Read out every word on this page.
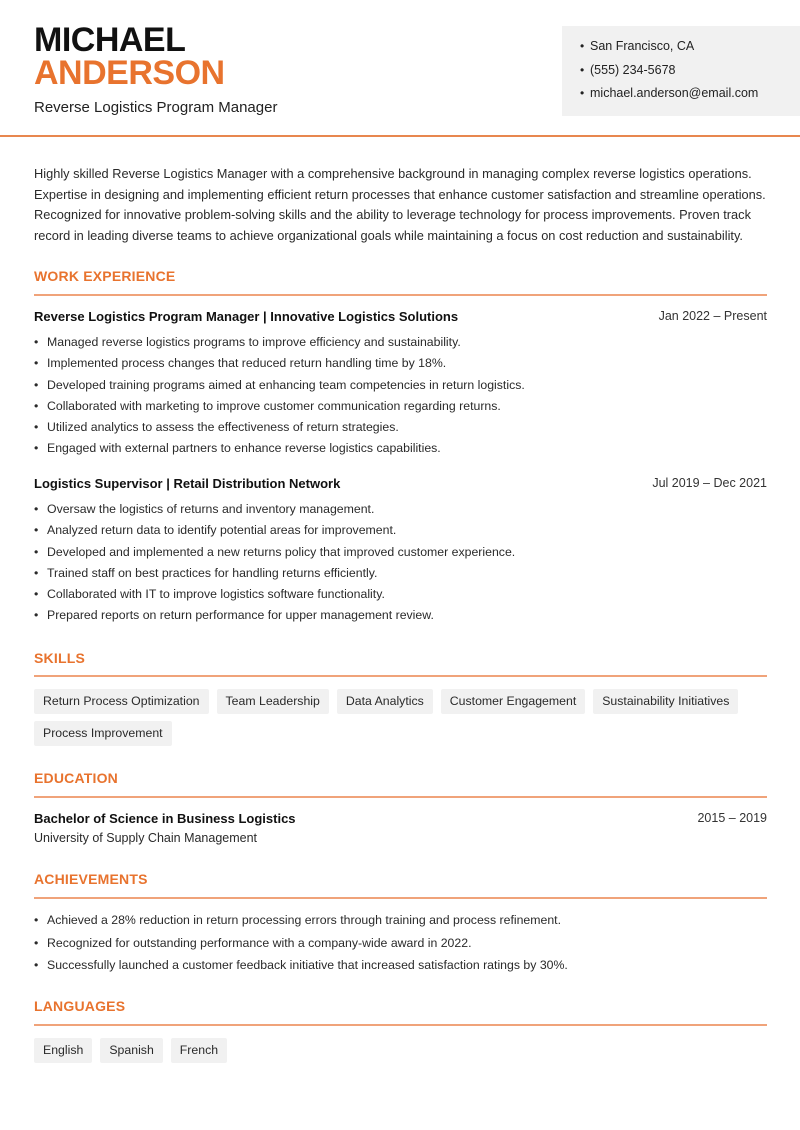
MICHAEL
ANDERSON
Reverse Logistics Program Manager
• San Francisco, CA
• (555) 234-5678
• michael.anderson@email.com

Highly skilled Reverse Logistics Manager with a comprehensive background in managing complex reverse logistics operations. Expertise in designing and implementing efficient return processes that enhance customer satisfaction and streamline operations. Recognized for innovative problem-solving skills and the ability to leverage technology for process improvements. Proven track record in leading diverse teams to achieve organizational goals while maintaining a focus on cost reduction and sustainability.

WORK EXPERIENCE
Reverse Logistics Program Manager | Innovative Logistics Solutions	Jan 2022 – Present
• Managed reverse logistics programs to improve efficiency and sustainability.
• Implemented process changes that reduced return handling time by 18%.
• Developed training programs aimed at enhancing team competencies in return logistics.
• Collaborated with marketing to improve customer communication regarding returns.
• Utilized analytics to assess the effectiveness of return strategies.
• Engaged with external partners to enhance reverse logistics capabilities.
Logistics Supervisor | Retail Distribution Network	Jul 2019 – Dec 2021
• Oversaw the logistics of returns and inventory management.
• Analyzed return data to identify potential areas for improvement.
• Developed and implemented a new returns policy that improved customer experience.
• Trained staff on best practices for handling returns efficiently.
• Collaborated with IT to improve logistics software functionality.
• Prepared reports on return performance for upper management review.
SKILLS
Return Process Optimization	Team Leadership	Data Analytics	Customer Engagement	Sustainability Initiatives
Process Improvement
EDUCATION
Bachelor of Science in Business Logistics	2015 – 2019
University of Supply Chain Management
ACHIEVEMENTS
• Achieved a 28% reduction in return processing errors through training and process refinement.
• Recognized for outstanding performance with a company-wide award in 2022.
• Successfully launched a customer feedback initiative that increased satisfaction ratings by 30%.
LANGUAGES
English	Spanish	French
